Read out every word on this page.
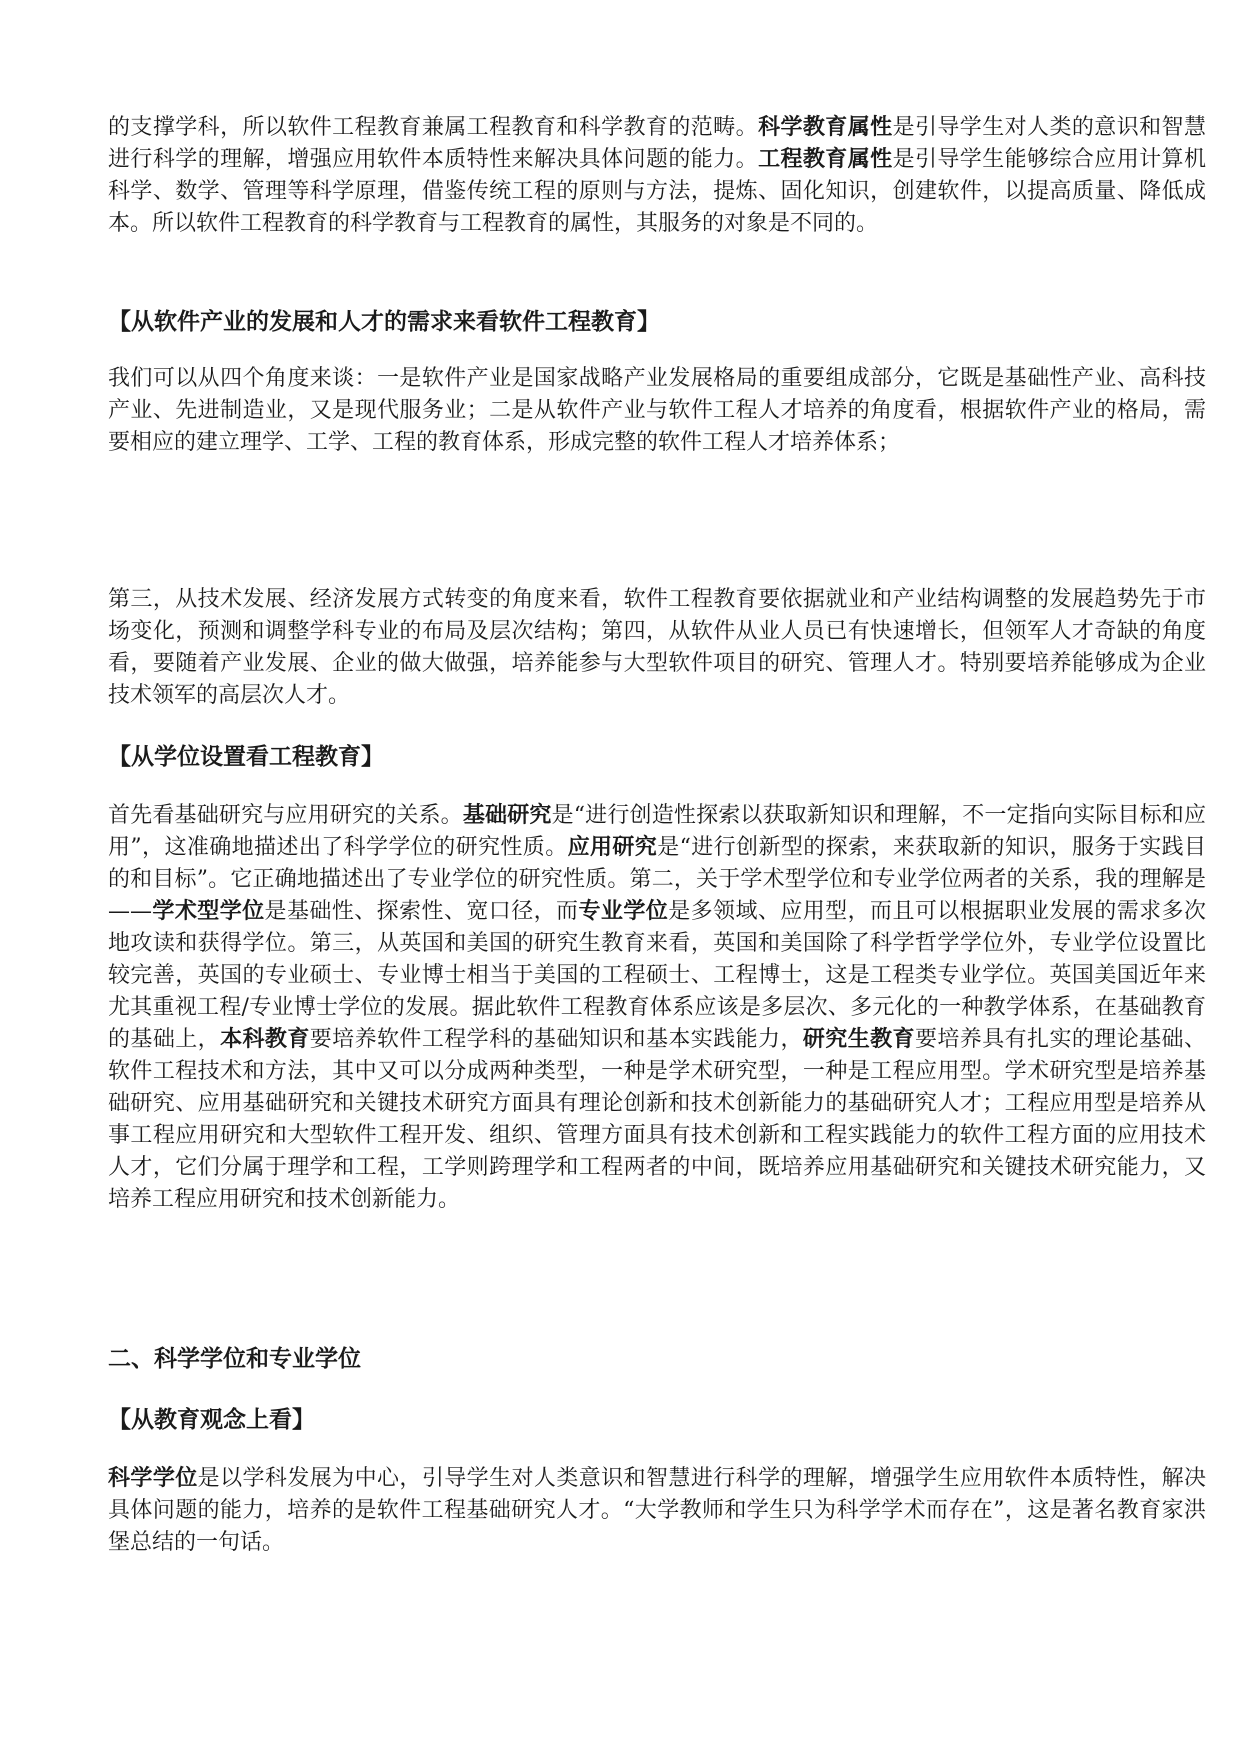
的支撑学科，所以软件工程教育兼属工程教育和科学教育的范畴。科学教育属性是引导学生对人类的意识和智慧进行科学的理解，增强应用软件本质特性来解决具体问题的能力。工程教育属性是引导学生能够综合应用计算机科学、数学、管理等科学原理，借鉴传统工程的原则与方法，提炼、固化知识，创建软件，以提高质量、降低成本。所以软件工程教育的科学教育与工程教育的属性，其服务的对象是不同的。

【从软件产业的发展和人才的需求来看软件工程教育】

我们可以从四个角度来谈：一是软件产业是国家战略产业发展格局的重要组成部分，它既是基础性产业、高科技产业、先进制造业，又是现代服务业；二是从软件产业与软件工程人才培养的角度看，根据软件产业的格局，需要相应的建立理学、工学、工程的教育体系，形成完整的软件工程人才培养体系；

第三，从技术发展、经济发展方式转变的角度来看，软件工程教育要依据就业和产业结构调整的发展趋势先于市场变化，预测和调整学科专业的布局及层次结构；第四，从软件从业人员已有快速增长，但领军人才奇缺的角度看，要随着产业发展、企业的做大做强，培养能参与大型软件项目的研究、管理人才。特别要培养能够成为企业技术领军的高层次人才。

【从学位设置看工程教育】

首先看基础研究与应用研究的关系。基础研究是“进行创造性探索以获取新知识和理解，不一定指向实际目标和应用”，这准确地描述出了科学学位的研究性质。应用研究是“进行创新型的探索，来获取新的知识，服务于实践目的和目标”。它正确地描述出了专业学位的研究性质。第二，关于学术型学位和专业学位两者的关系，我的理解是——学术型学位是基础性、探索性、宽口径，而专业学位是多领域、应用型，而且可以根据职业发展的需求多次地攻读和获得学位。第三，从英国和美国的研究生教育来看，英国和美国除了科学哲学学位外，专业学位设置比较完善，英国的专业硕士、专业博士相当于美国的工程硕士、工程博士，这是工程类专业学位。英国美国近年来尤其重视工程/专业博士学位的发展。据此软件工程教育体系应该是多层次、多元化的一种教学体系，在基础教育的基础上，本科教育要培养软件工程学科的基础知识和基本实践能力，研究生教育要培养具有扎实的理论基础、软件工程技术和方法，其中又可以分成两种类型，一种是学术研究型，一种是工程应用型。学术研究型是培养基础研究、应用基础研究和关键技术研究方面具有理论创新和技术创新能力的基础研究人才；工程应用型是培养从事工程应用研究和大型软件工程开发、组织、管理方面具有技术创新和工程实践能力的软件工程方面的应用技术人才，它们分属于理学和工程，工学则跨理学和工程两者的中间，既培养应用基础研究和关键技术研究能力，又培养工程应用研究和技术创新能力。

二、科学学位和专业学位
【从教育观念上看】

科学学位是以学科发展为中心，引导学生对人类意识和智慧进行科学的理解，增强学生应用软件本质特性，解决具体问题的能力，培养的是软件工程基础研究人才。“大学教师和学生只为科学学术而存在”，这是著名教育家洪堡总结的一句话。
